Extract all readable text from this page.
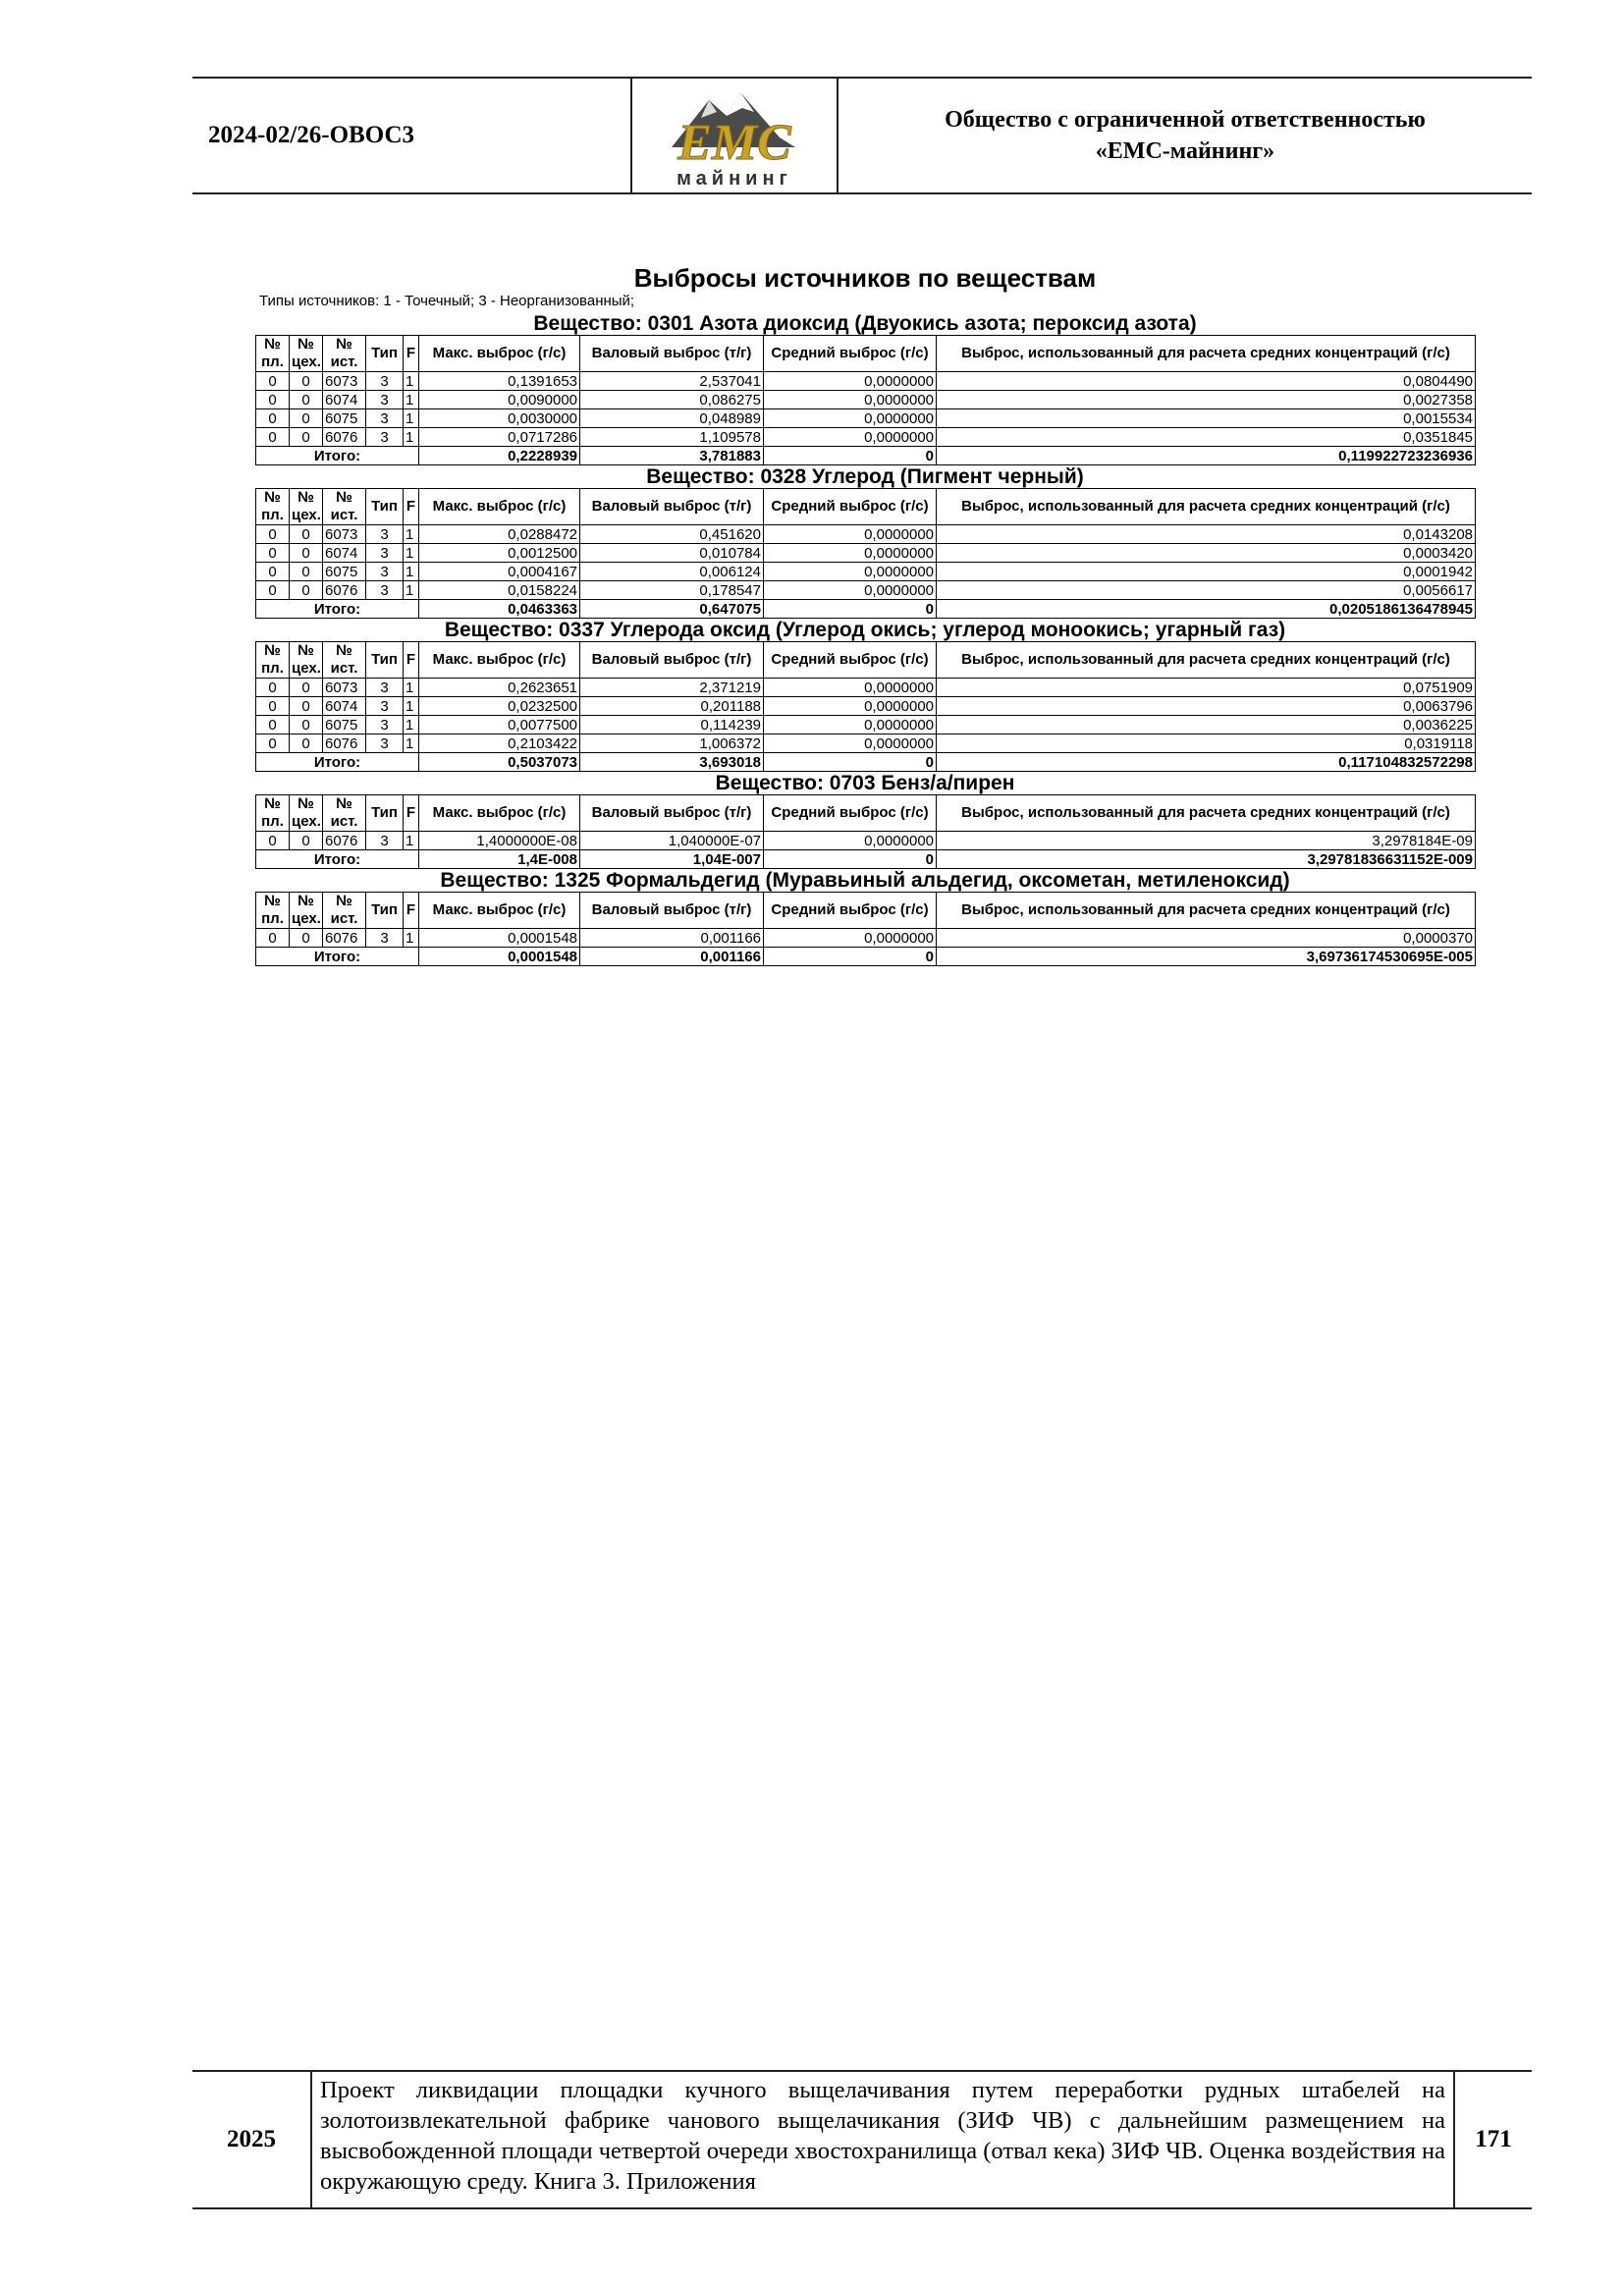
2024-02/26-ОВОС3	ЕМС
майнинг
Общество с ограниченной ответственностью
«ЕМС-майнинг»
Выбросы источников по веществам
Типы источников: 1 - Точечный; 3 - Неорганизованный;
Вещество: 0301 Азота диоксид (Двуокись азота; пероксид азота)
№ пл.	№ цех.	№ ист.	Тип	F	Макс. выброс (г/с)	Валовый выброс (т/г)	Средний выброс (г/с)	Выброс, использованный для расчета средних концентраций (г/с)
0	0	6073	3	1	0,1391653	2,537041	0,0000000	0,0804490
0	0	6074	3	1	0,0090000	0,086275	0,0000000	0,0027358
0	0	6075	3	1	0,0030000	0,048989	0,0000000	0,0015534
0	0	6076	3	1	0,0717286	1,109578	0,0000000	0,0351845
Итого:					0,2228939	3,781883	0	0,119922723236936
Вещество: 0328 Углерод (Пигмент черный)
№ пл.	№ цех.	№ ист.	Тип	F	Макс. выброс (г/с)	Валовый выброс (т/г)	Средний выброс (г/с)	Выброс, использованный для расчета средних концентраций (г/с)
0	0	6073	3	1	0,0288472	0,451620	0,0000000	0,0143208
0	0	6074	3	1	0,0012500	0,010784	0,0000000	0,0003420
0	0	6075	3	1	0,0004167	0,006124	0,0000000	0,0001942
0	0	6076	3	1	0,0158224	0,178547	0,0000000	0,0056617
Итого:					0,0463363	0,647075	0	0,0205186136478945
Вещество: 0337 Углерода оксид (Углерод окись; углерод моноокись; угарный газ)
№ пл.	№ цех.	№ ист.	Тип	F	Макс. выброс (г/с)	Валовый выброс (т/г)	Средний выброс (г/с)	Выброс, использованный для расчета средних концентраций (г/с)
0	0	6073	3	1	0,2623651	2,371219	0,0000000	0,0751909
0	0	6074	3	1	0,0232500	0,201188	0,0000000	0,0063796
0	0	6075	3	1	0,0077500	0,114239	0,0000000	0,0036225
0	0	6076	3	1	0,2103422	1,006372	0,0000000	0,0319118
Итого:					0,5037073	3,693018	0	0,117104832572298
Вещество: 0703 Бенз/а/пирен
№ пл.	№ цех.	№ ист.	Тип	F	Макс. выброс (г/с)	Валовый выброс (т/г)	Средний выброс (г/с)	Выброс, использованный для расчета средних концентраций (г/с)
0	0	6076	3	1	1,4000000E-08	1,040000E-07	0,0000000	3,2978184E-09
Итого:					1,4E-008	1,04E-007	0	3,29781836631152E-009
Вещество: 1325 Формальдегид (Муравьиный альдегид, оксометан, метиленоксид)
№ пл.	№ цех.	№ ист.	Тип	F	Макс. выброс (г/с)	Валовый выброс (т/г)	Средний выброс (г/с)	Выброс, использованный для расчета средних концентраций (г/с)
0	0	6076	3	1	0,0001548	0,001166	0,0000000	0,0000370
Итого:					0,0001548	0,001166	0	3,69736174530695E-005
2025
Проект ликвидации площадки кучного выщелачивания путем переработки рудных штабелей на золотоизвлекательной фабрике чанового выщелачикания (ЗИФ ЧВ) с дальнейшим размещением на высвобожденной площади четвертой очереди хвостохранилища (отвал кека) ЗИФ ЧВ. Оценка воздействия на окружающую среду. Книга 3. Приложения
171
